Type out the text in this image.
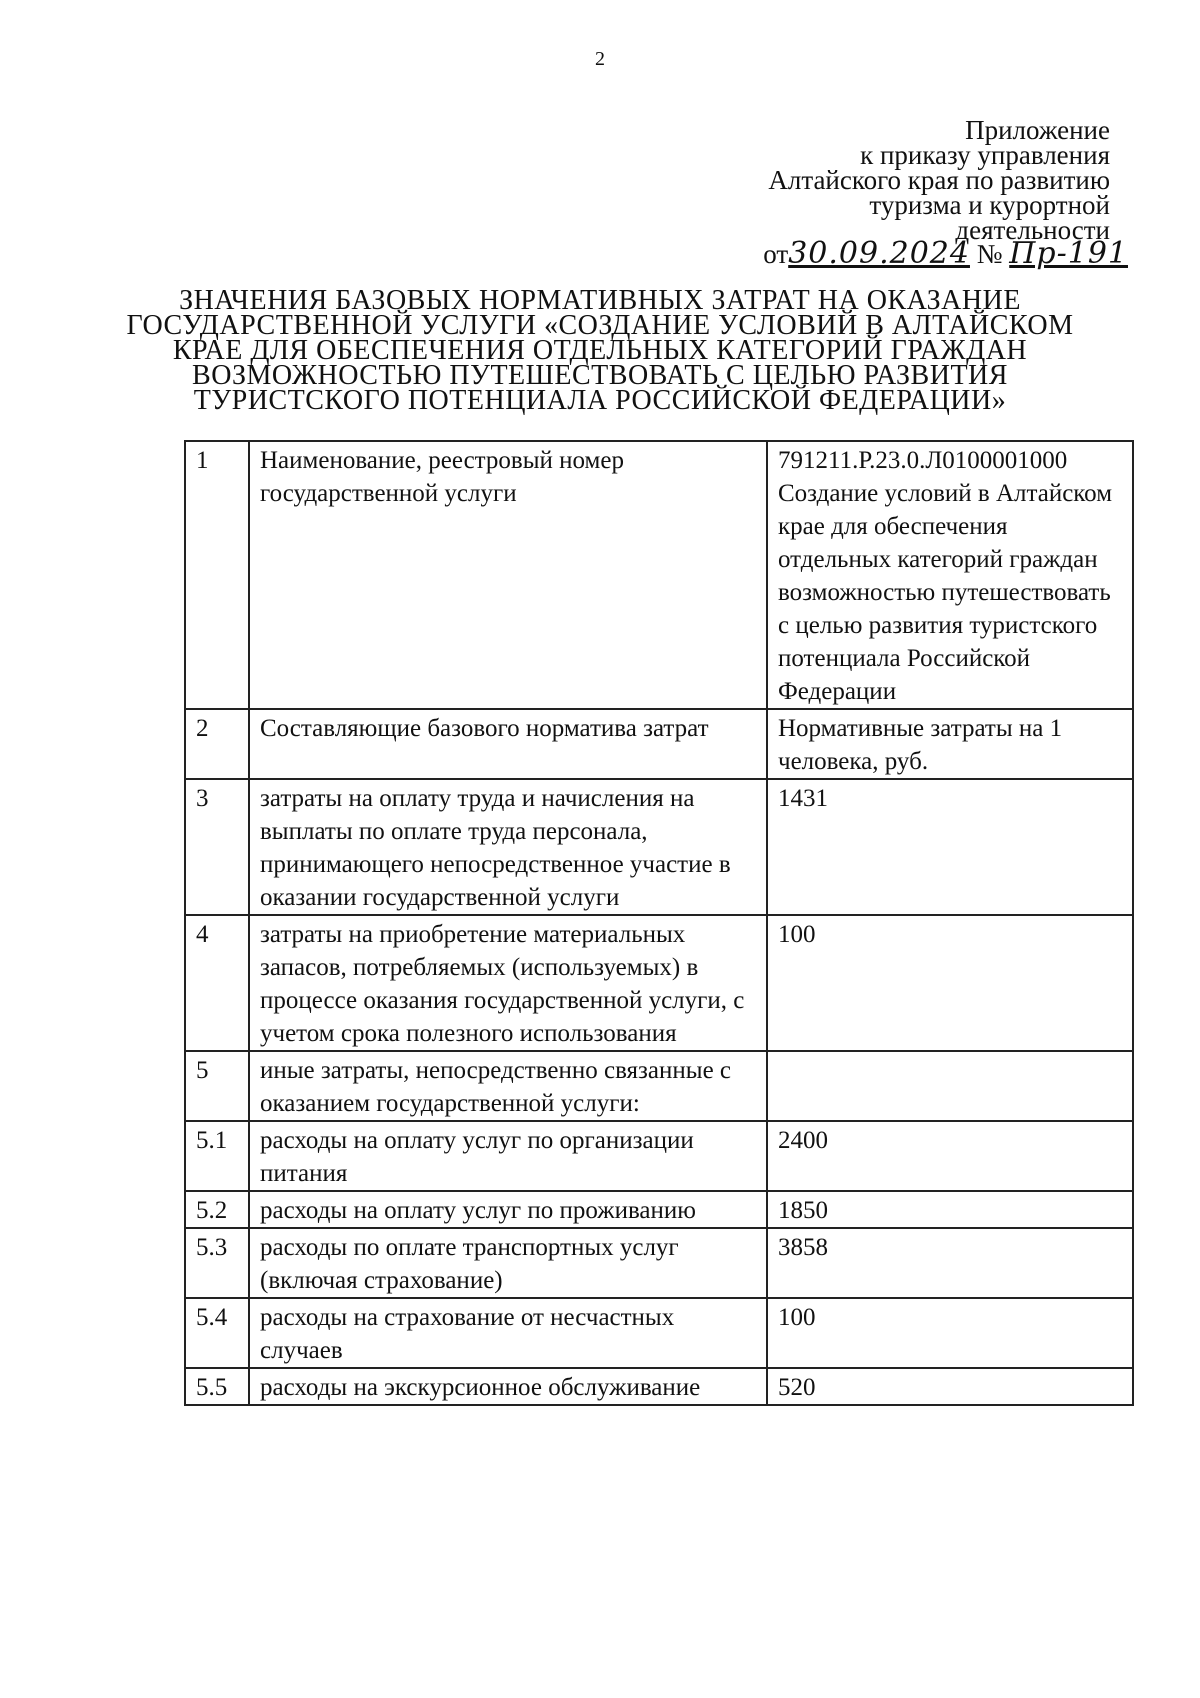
2
Приложение
к приказу управления
Алтайского края по развитию
туризма и курортной
деятельности
от30.09.2024 № Пр-191
ЗНАЧЕНИЯ БАЗОВЫХ НОРМАТИВНЫХ ЗАТРАТ НА ОКАЗАНИЕ
ГОСУДАРСТВЕННОЙ УСЛУГИ «СОЗДАНИЕ УСЛОВИЙ В АЛТАЙСКОМ
КРАЕ ДЛЯ ОБЕСПЕЧЕНИЯ ОТДЕЛЬНЫХ КАТЕГОРИЙ ГРАЖДАН
ВОЗМОЖНОСТЬЮ ПУТЕШЕСТВОВАТЬ С ЦЕЛЬЮ РАЗВИТИЯ
ТУРИСТСКОГО ПОТЕНЦИАЛА РОССИЙСКОЙ ФЕДЕРАЦИИ»
1	Наименование, реестровый номер государственной услуги	791211.Р.23.0.Л0100001000 Создание условий в Алтайском крае для обеспечения отдельных категорий граждан возможностью путешествовать с целью развития туристского потенциала Российской Федерации
2	Составляющие базового норматива затрат	Нормативные затраты на 1 человека, руб.
3	затраты на оплату труда и начисления на выплаты по оплате труда персонала, принимающего непосредственное участие в оказании государственной услуги	1431
4	затраты на приобретение материальных запасов, потребляемых (используемых) в процессе оказания государственной услуги, с учетом срока полезного использования	100
5	иные затраты, непосредственно связанные с оказанием государственной услуги:	
5.1	расходы на оплату услуг по организации питания	2400
5.2	расходы на оплату услуг по проживанию	1850
5.3	расходы по оплате транспортных услуг (включая страхование)	3858
5.4	расходы на страхование от несчастных случаев	100
5.5	расходы на экскурсионное обслуживание	520
